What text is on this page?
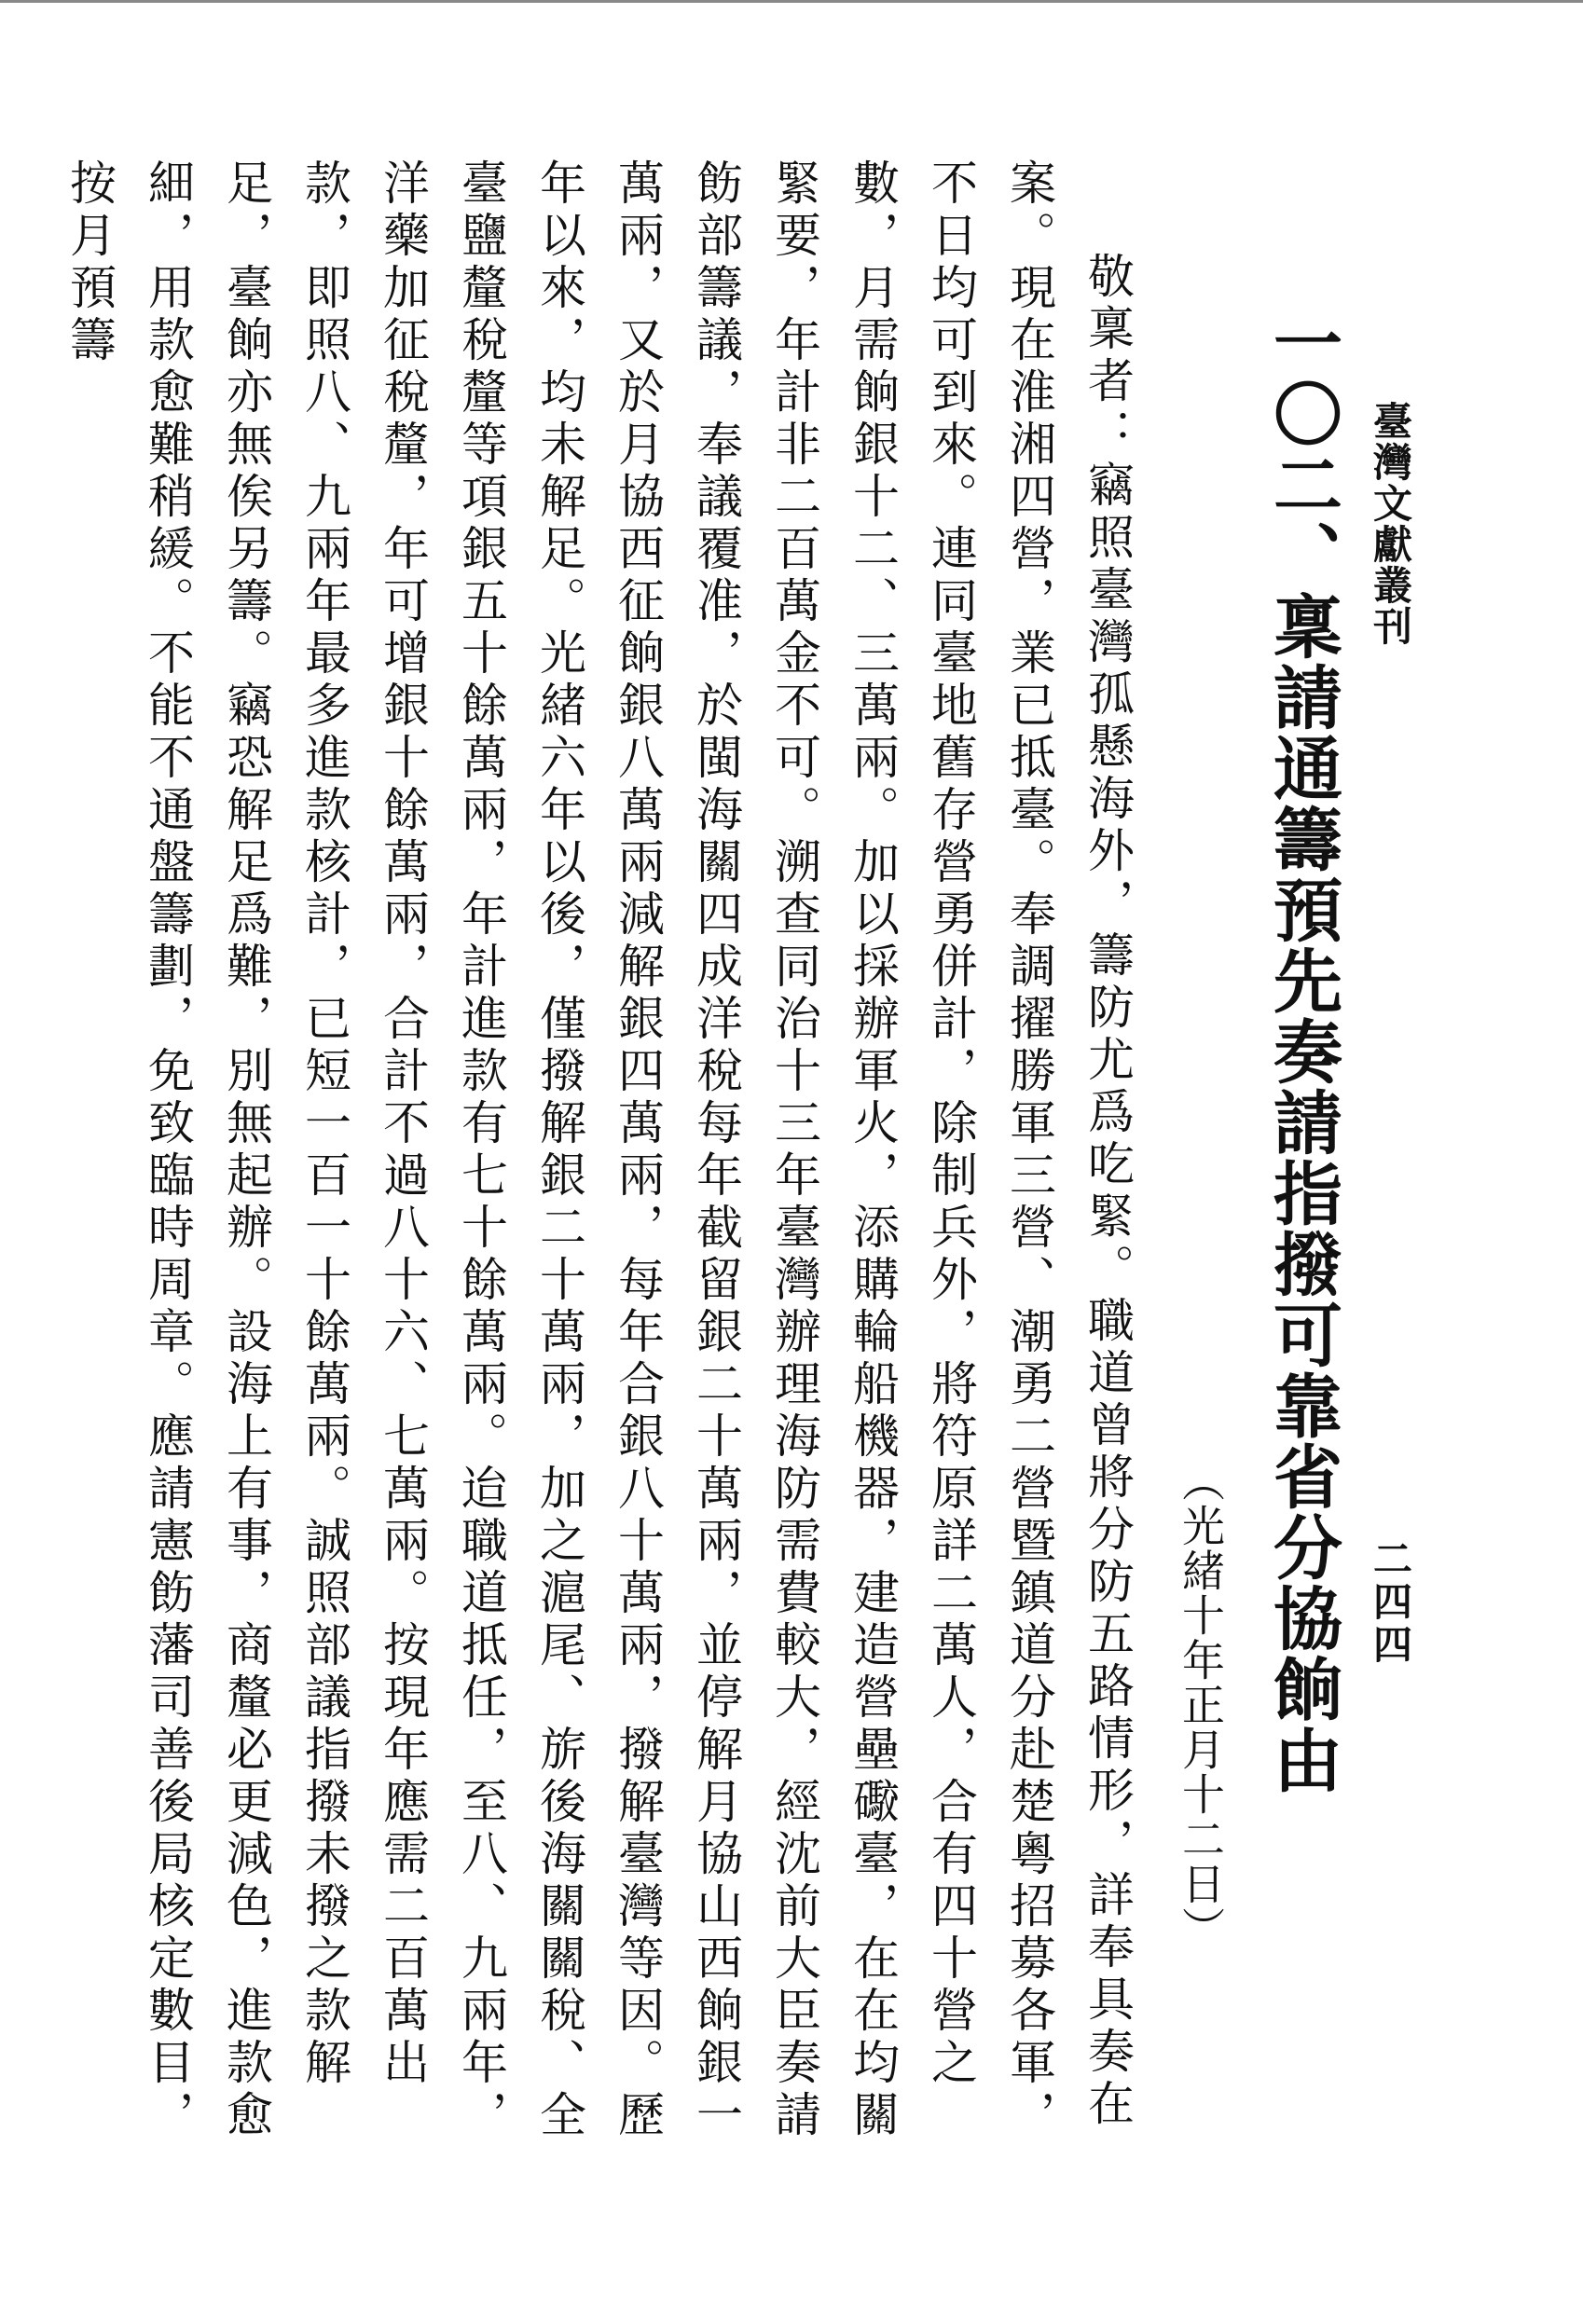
臺灣文獻叢刊
二四四
一〇二、稟請通籌預先奏請指撥可靠省分協餉由
（光緒十年正月十二日）
敬稟者：竊照臺灣孤懸海外，籌防尤爲吃緊。職道曾將分防五路情形，詳奉具奏在案。現在淮湘四營，業已抵臺。奉調擢勝軍三營、潮勇二營暨鎮道分赴楚粵招募各軍，不日均可到來。連同臺地舊存營勇併計，除制兵外，將符原詳二萬人，合有四十營之數，月需餉銀十二、三萬兩。加以採辦軍火，添購輪船機器，建造營壘礮臺，在在均關緊要，年計非二百萬金不可。溯查同治十三年臺灣辦理海防需費較大，經沈前大臣奏請飭部籌議，奉議覆准，於閩海關四成洋稅每年截留銀二十萬兩，並停解月協山西餉銀一萬兩，又於月協西征餉銀八萬兩減解銀四萬兩，每年合銀八十萬兩，撥解臺灣等因。歷年以來，均未解足。光緒六年以後，僅撥解銀二十萬兩，加之滬尾、旂後海關關稅、全臺鹽釐稅釐等項銀五十餘萬兩，年計進款有七十餘萬兩。迨職道抵任，至八、九兩年，洋藥加征稅釐，年可增銀十餘萬兩，合計不過八十六、七萬兩。按現年應需二百萬出款，即照八、九兩年最多進款核計，已短一百一十餘萬兩。誠照部議指撥未撥之款解足，臺餉亦無俟另籌。竊恐解足爲難，別無起辦。設海上有事，商釐必更減色，進款愈細，用款愈難稍緩。不能不通盤籌劃，免致臨時周章。應請憲飭藩司善後局核定數目，按月預籌
